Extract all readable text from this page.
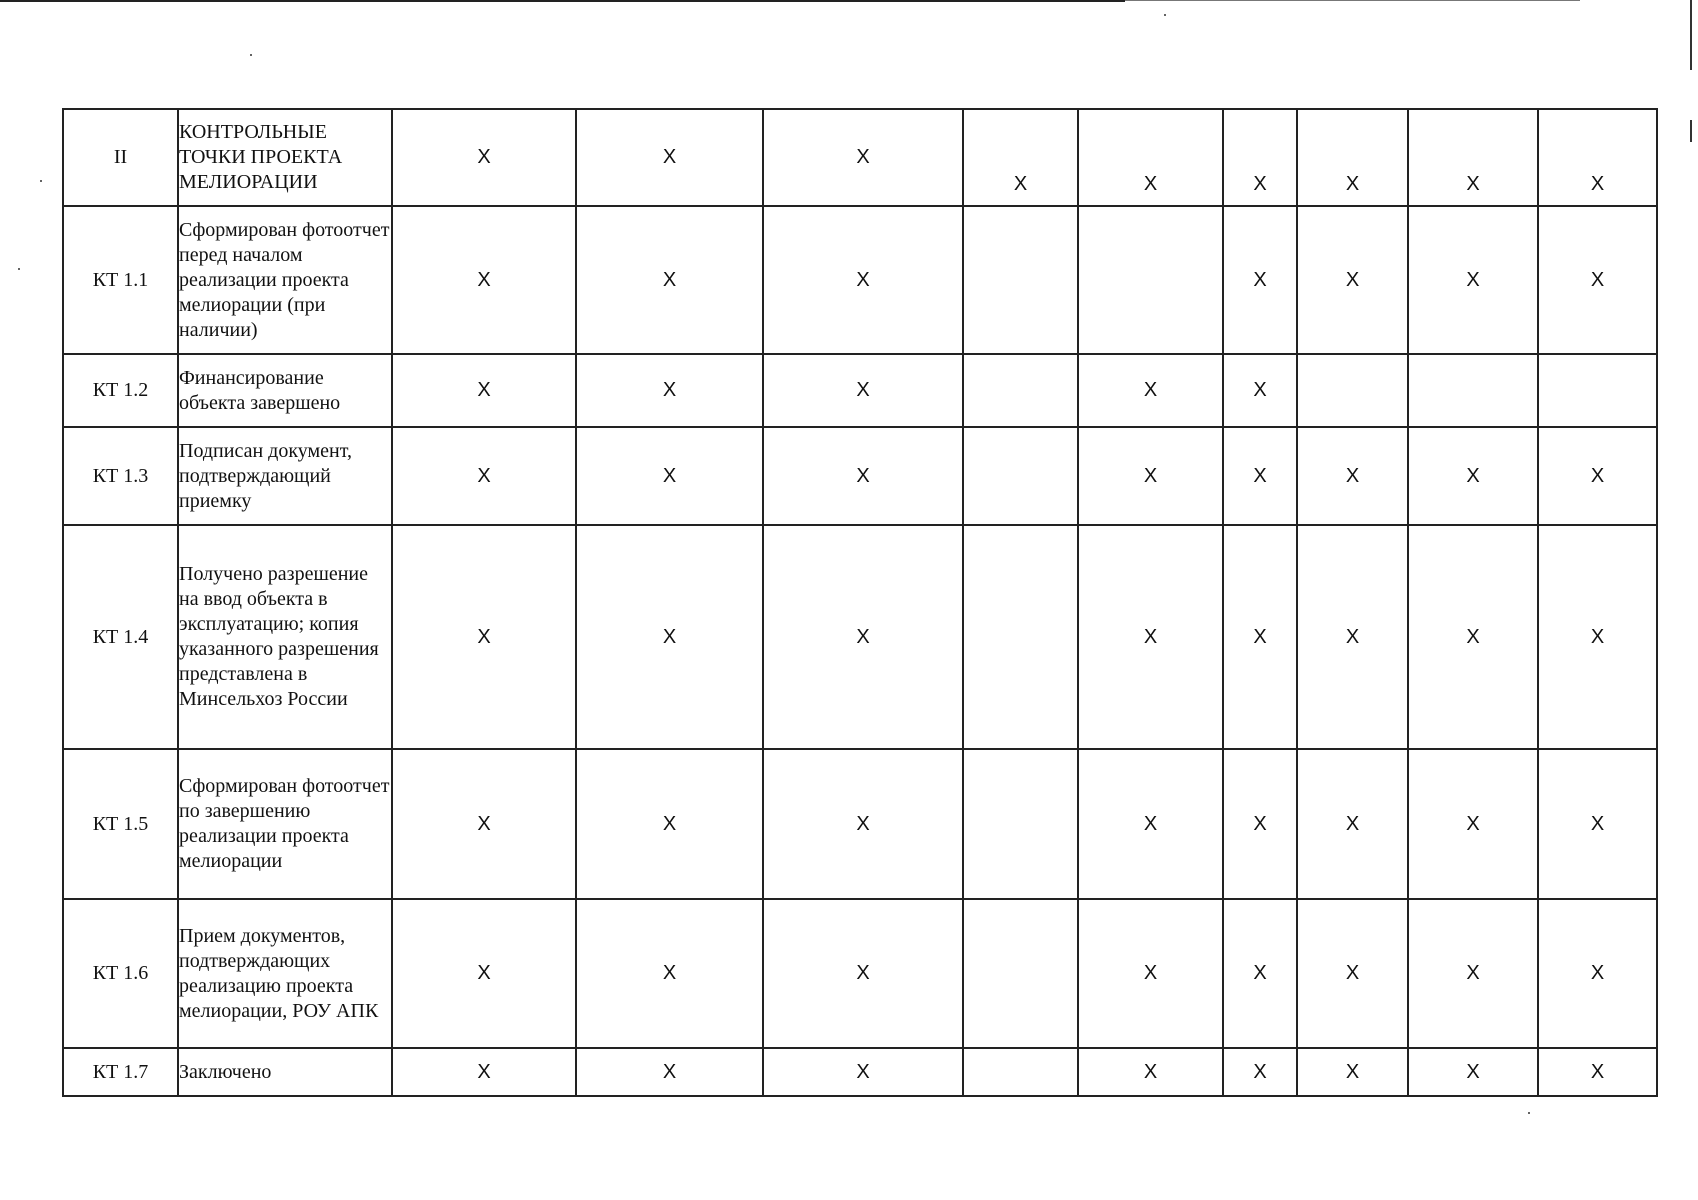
II	КОНТРОЛЬНЫЕ ТОЧКИ ПРОЕКТА МЕЛИОРАЦИИ	X	X	X	X	X	X	X	X	X
КТ 1.1	Сформирован фотоотчет перед началом реализации проекта мелиорации (при наличии)	X	X	X			X	X	X	X
КТ 1.2	Финансирование объекта завершено	X	X	X		X	X			
КТ 1.3	Подписан документ, подтверждающий приемку	X	X	X		X	X	X	X	X
КТ 1.4	Получено разрешение на ввод объекта в эксплуатацию; копия указанного разрешения представлена в Минсельхоз России	X	X	X		X	X	X	X	X
КТ 1.5	Сформирован фотоотчет по завершению реализации проекта мелиорации	X	X	X		X	X	X	X	X
КТ 1.6	Прием документов, подтверждающих реализацию проекта мелиорации, РОУ АПК	X	X	X		X	X	X	X	X
КТ 1.7	Заключено	X	X	X		X	X	X	X	X
